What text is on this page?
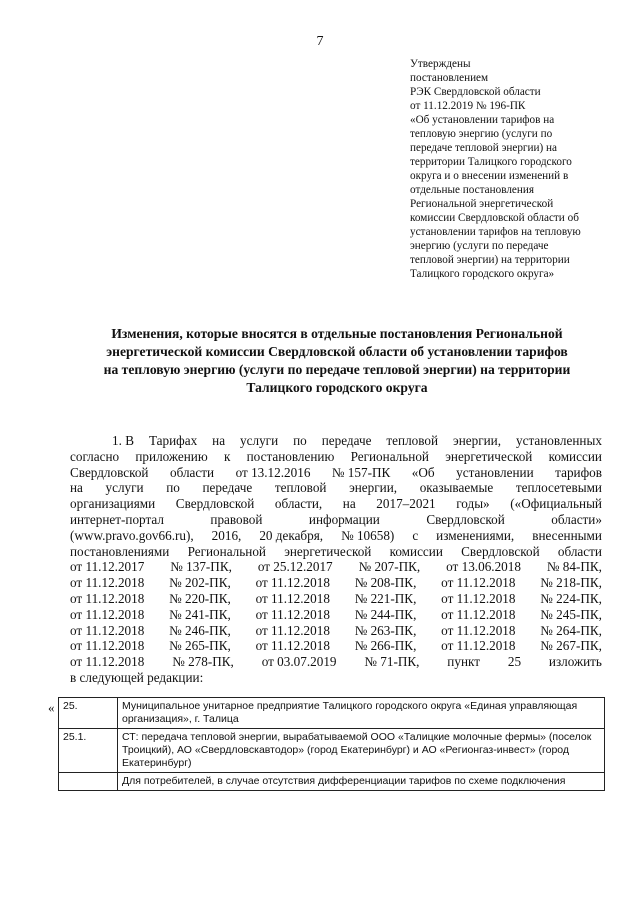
7
Утверждены
постановлением
РЭК Свердловской области
от 11.12.2019 № 196-ПК
«Об установлении тарифов на
тепловую энергию (услуги по
передаче тепловой энергии) на
территории Талицкого городского
округа и о внесении изменений в
отдельные постановления
Региональной энергетической
комиссии Свердловской области об
установлении тарифов на тепловую
энергию (услуги по передаче
тепловой энергии) на территории
Талицкого городского округа»
Изменения, которые вносятся в отдельные постановления Региональной
энергетической комиссии Свердловской области об установлении тарифов
на тепловую энергию (услуги по передаче тепловой энергии) на территории
Талицкого городского округа
1. В Тарифах на услуги по передаче тепловой энергии, установленных
согласно приложению к постановлению Региональной энергетической комиссии
Свердловской области от 13.12.2016 № 157-ПК «Об установлении тарифов
на услуги по передаче тепловой энергии, оказываемые теплосетевыми
организациями Свердловской области, на 2017–2021 годы» («Официальный
интернет-портал	правовой	информации	Свердловской	области»
(www.pravo.gov66.ru), 2016, 20 декабря, № 10658) с изменениями, внесенными
постановлениями Региональной энергетической комиссии Свердловской области
от 11.12.2017 № 137-ПК, от 25.12.2017 № 207-ПК, от 13.06.2018 № 84-ПК,
от 11.12.2018 № 202-ПК, от 11.12.2018 № 208-ПК, от 11.12.2018 № 218-ПК,
от 11.12.2018 № 220-ПК, от 11.12.2018 № 221-ПК, от 11.12.2018 № 224-ПК,
от 11.12.2018 № 241-ПК, от 11.12.2018 № 244-ПК, от 11.12.2018 № 245-ПК,
от 11.12.2018 № 246-ПК, от 11.12.2018 № 263-ПК, от 11.12.2018 № 264-ПК,
от 11.12.2018 № 265-ПК, от 11.12.2018 № 266-ПК, от 11.12.2018 № 267-ПК,
от 11.12.2018 № 278-ПК, от 03.07.2019 № 71-ПК, пункт 25 изложить
в следующей редакции:
« 25.	Муниципальное унитарное предприятие Талицкого городского округа «Единая управляющая организация», г. Талица
25.1.	СТ: передача тепловой энергии, вырабатываемой ООО «Талицкие молочные фермы» (поселок Троицкий), АО «Свердловскавтодор» (город Екатеринбург) и АО «Регионгаз-инвест» (город Екатеринбург)
	Для потребителей, в случае отсутствия дифференциации тарифов по схеме подключения
